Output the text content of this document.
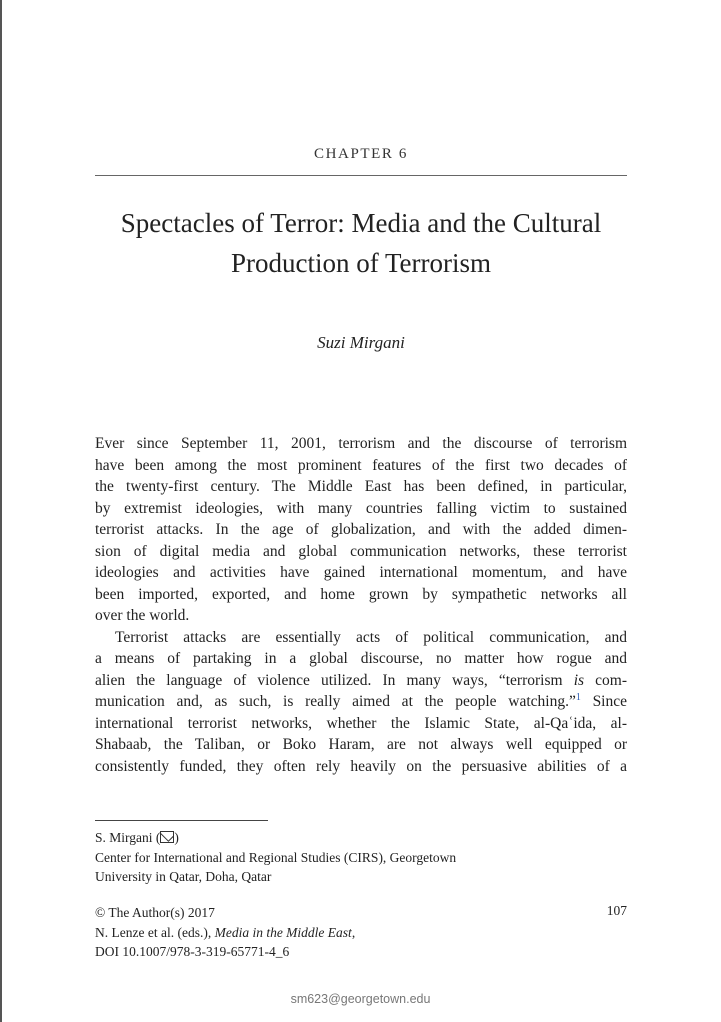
CHAPTER 6
Spectacles of Terror: Media and the Cultural
Production of Terrorism
Suzi Mirgani
Ever since September 11, 2001, terrorism and the discourse of terrorism
have been among the most prominent features of the first two decades of
the twenty-first century. The Middle East has been defined, in particular,
by extremist ideologies, with many countries falling victim to sustained
terrorist attacks. In the age of globalization, and with the added dimen-
sion of digital media and global communication networks, these terrorist
ideologies and activities have gained international momentum, and have
been imported, exported, and home grown by sympathetic networks all
over the world.
Terrorist attacks are essentially acts of political communication, and
a means of partaking in a global discourse, no matter how rogue and
alien the language of violence utilized. In many ways, “terrorism is com-
munication and, as such, is really aimed at the people watching.”$^1$ Since
international terrorist networks, whether the Islamic State, al-Qaʿida, al-
Shabaab, the Taliban, or Boko Haram, are not always well equipped or
consistently funded, they often rely heavily on the persuasive abilities of a
S. Mirgani ( )
Center for International and Regional Studies (CIRS), Georgetown
University in Qatar, Doha, Qatar
© The Author(s) 2017
N. Lenze et al. (eds.), Media in the Middle East,
DOI 10.1007/978-3-319-65771-4_6
107
sm623@georgetown.edu
